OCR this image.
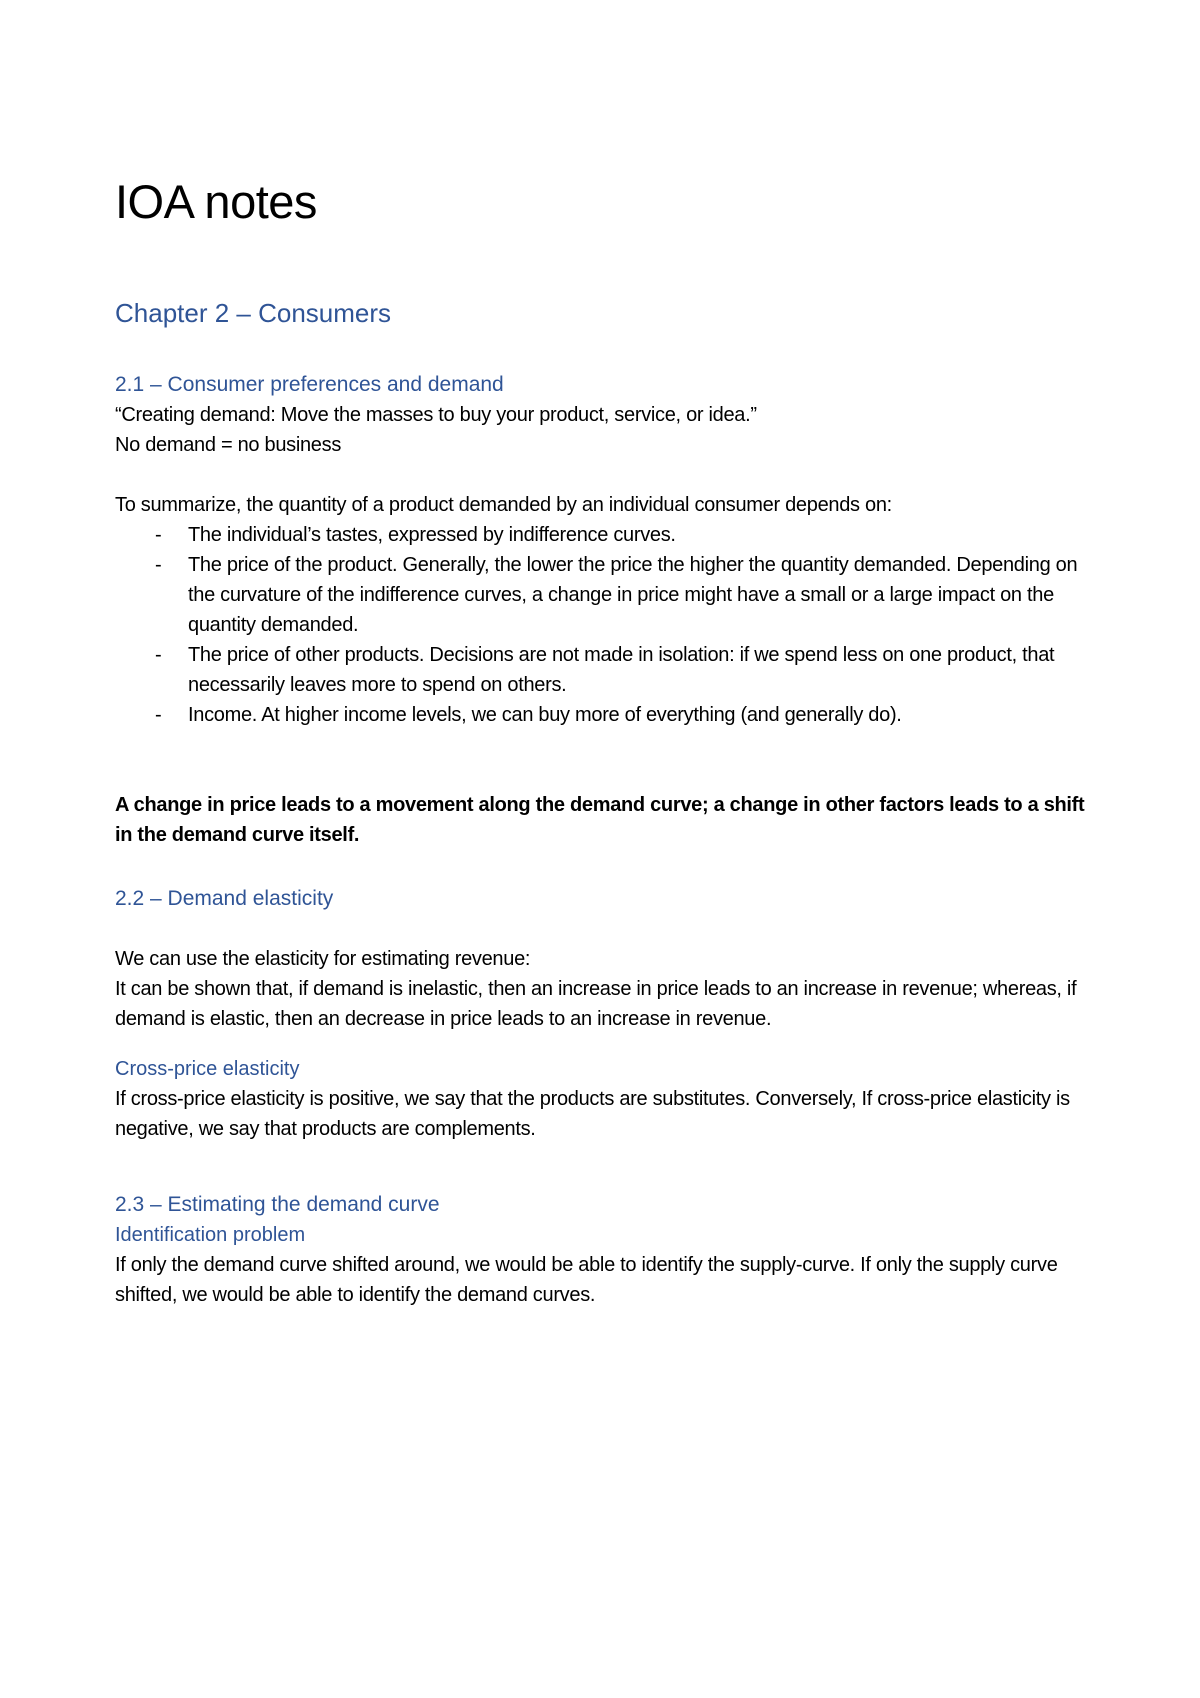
IOA notes
Chapter 2 – Consumers
2.1 – Consumer preferences and demand

“Creating demand: Move the masses to buy your product, service, or idea.”

No demand = no business

To summarize, the quantity of a product demanded by an individual consumer depends on:

- The individual’s tastes, expressed by indifference curves.
- The price of the product. Generally, the lower the price the higher the quantity demanded. Depending on the curvature of the indifference curves, a change in price might have a small or a large impact on the quantity demanded.
- The price of other products. Decisions are not made in isolation: if we spend less on one product, that necessarily leaves more to spend on others.
- Income. At higher income levels, we can buy more of everything (and generally do).

A change in price leads to a movement along the demand curve; a change in other factors leads to a shift in the demand curve itself.

2.2 – Demand elasticity

We can use the elasticity for estimating revenue:

It can be shown that, if demand is inelastic, then an increase in price leads to an increase in revenue; whereas, if demand is elastic, then an decrease in price leads to an increase in revenue.

Cross-price elasticity

If cross-price elasticity is positive, we say that the products are substitutes. Conversely, If cross-price elasticity is negative, we say that products are complements.

2.3 – Estimating the demand curve
Identification problem

If only the demand curve shifted around, we would be able to identify the supply-curve. If only the supply curve shifted, we would be able to identify the demand curves.
